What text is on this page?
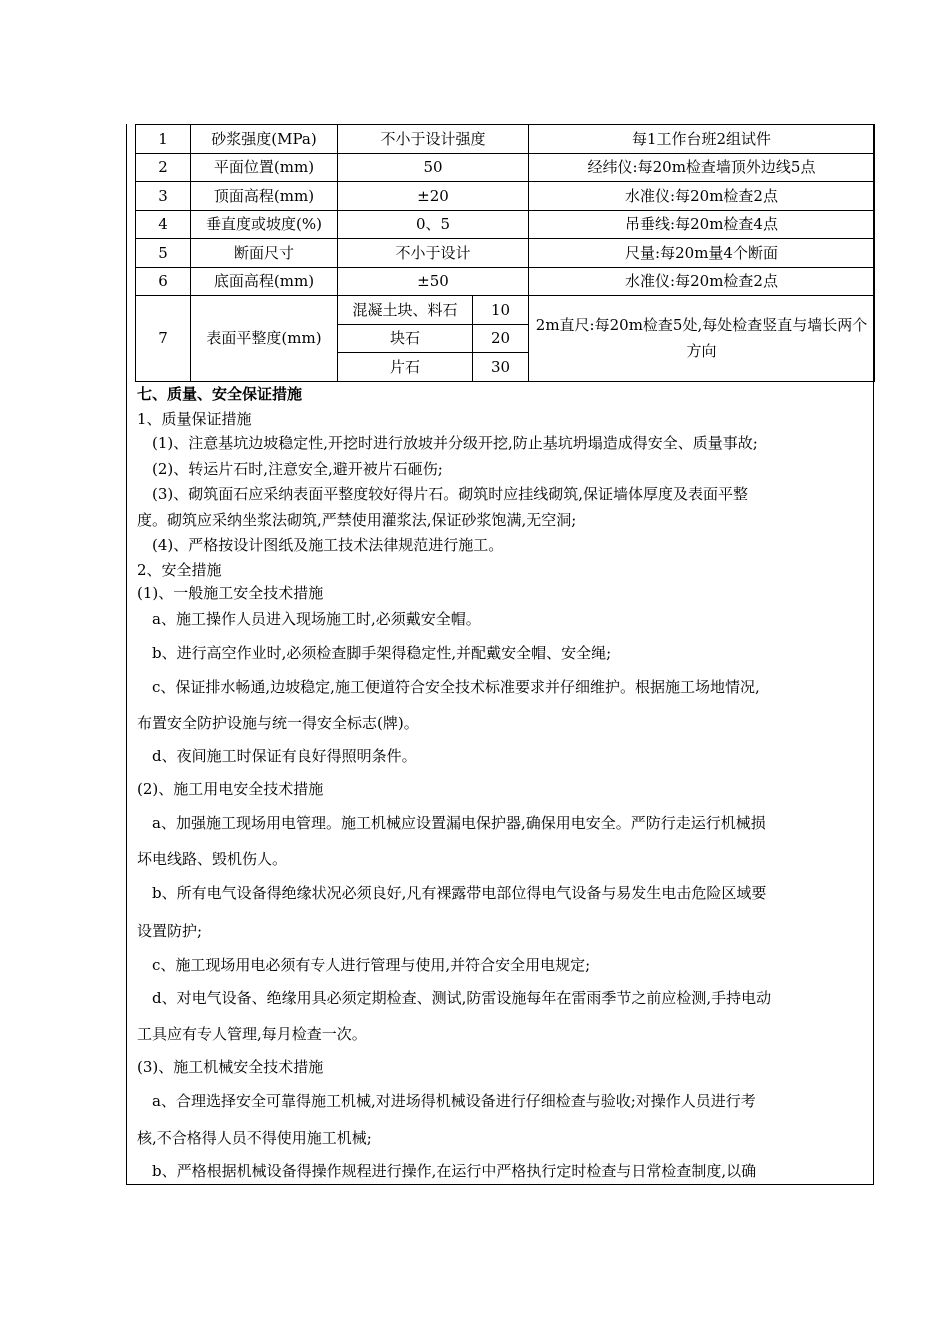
1	砂浆强度(MPa)	不小于设计强度		每1工作台班2组试件
2	平面位置(mm)	50		经纬仪:每20m检查墙顶外边线5点
3	顶面高程(mm)	±20		水准仪:每20m检查2点
4	垂直度或坡度(%)	0、5		吊垂线:每20m检查4点
5	断面尺寸	不小于设计		尺量:每20m量4个断面
6	底面高程(mm)	±50		水准仪:每20m检查2点
7	表面平整度(mm)	混凝土块、料石	10	2m直尺:每20m检查5处,每处检查竖直与墙长两个方向
		块石	20	
		片石	30	
七、质量、安全保证措施
1、质量保证措施
(1)、注意基坑边坡稳定性,开挖时进行放坡并分级开挖,防止基坑坍塌造成得安全、质量事故;
(2)、转运片石时,注意安全,避开被片石砸伤;
(3)、砌筑面石应采纳表面平整度较好得片石。砌筑时应挂线砌筑,保证墙体厚度及表面平整
度。砌筑应采纳坐浆法砌筑,严禁使用灌浆法,保证砂浆饱满,无空洞;
(4)、严格按设计图纸及施工技术法律规范进行施工。
2、安全措施
(1)、一般施工安全技术措施
a、施工操作人员进入现场施工时,必须戴安全帽。
b、进行高空作业时,必须检查脚手架得稳定性,并配戴安全帽、安全绳;
c、保证排水畅通,边坡稳定,施工便道符合安全技术标准要求并仔细维护。根据施工场地情况,
布置安全防护设施与统一得安全标志(牌)。
d、夜间施工时保证有良好得照明条件。
(2)、施工用电安全技术措施
a、加强施工现场用电管理。施工机械应设置漏电保护器,确保用电安全。严防行走运行机械损
坏电线路、毁机伤人。
b、所有电气设备得绝缘状况必须良好,凡有裸露带电部位得电气设备与易发生电击危险区域要
设置防护;
c、施工现场用电必须有专人进行管理与使用,并符合安全用电规定;
d、对电气设备、绝缘用具必须定期检查、测试,防雷设施每年在雷雨季节之前应检测,手持电动
工具应有专人管理,每月检查一次。
(3)、施工机械安全技术措施
a、合理选择安全可靠得施工机械,对进场得机械设备进行仔细检查与验收;对操作人员进行考
核,不合格得人员不得使用施工机械;
b、严格根据机械设备得操作规程进行操作,在运行中严格执行定时检查与日常检查制度,以确
